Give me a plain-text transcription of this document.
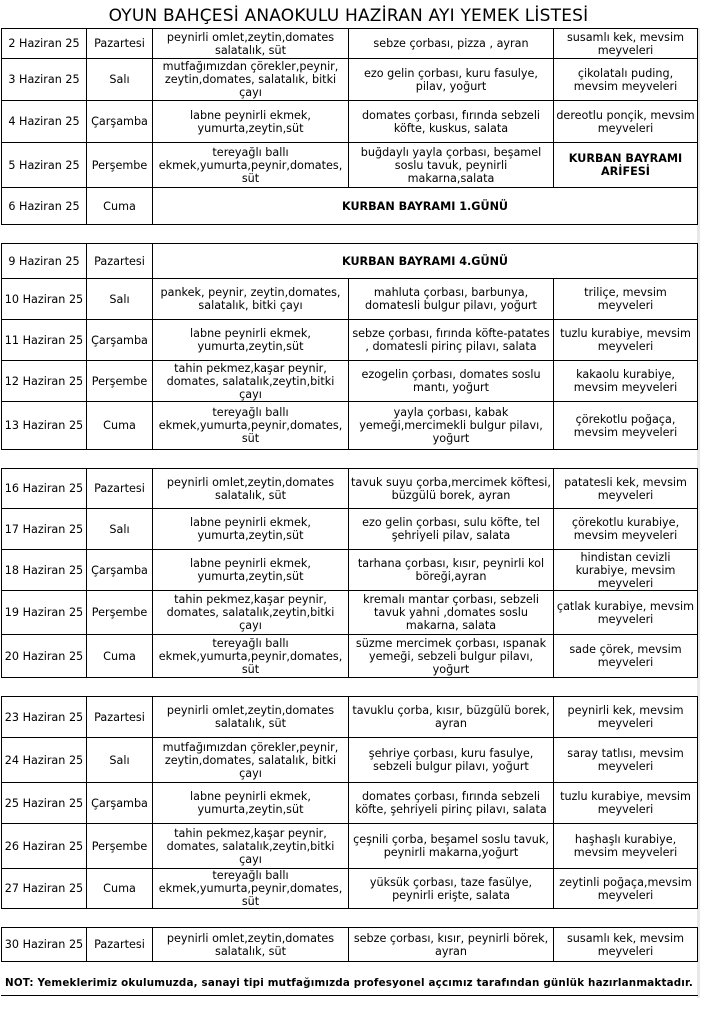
OYUN BAHÇESİ ANAOKULU HAZİRAN AYI YEMEK LİSTESİ
2 Haziran 25	Pazartesi	peynirli omlet,zeytin,domates salatalık, süt	sebze çorbası, pizza , ayran	susamlı kek, mevsim meyveleri
3 Haziran 25	Salı	mutfağımızdan çörekler,peynir, zeytin,domates, salatalık, bitki çayı	ezo gelin çorbası, kuru fasulye, pilav, yoğurt	çikolatalı puding, mevsim meyveleri
4 Haziran 25	Çarşamba	labne peynirli ekmek, yumurta,zeytin,süt	domates çorbası, fırında sebzeli köfte, kuskus, salata	dereotlu ponçik, mevsim meyveleri
5 Haziran 25	Perşembe	tereyağlı ballı ekmek,yumurta,peynir,domates, süt	buğdaylı yayla çorbası, beşamel soslu tavuk, peynirli makarna,salata	KURBAN BAYRAMI ARİFESİ
6 Haziran 25	Cuma	KURBAN BAYRAMI 1.GÜNÜ		

9 Haziran 25	Pazartesi	KURBAN BAYRAMI 4.GÜNÜ		
10 Haziran 25	Salı	pankek, peynir, zeytin,domates, salatalık, bitki çayı	mahluta çorbası, barbunya, domatesli bulgur pilavı, yoğurt	triliçe, mevsim meyveleri
11 Haziran 25	Çarşamba	labne peynirli ekmek, yumurta,zeytin,süt	sebze çorbası, fırında köfte-patates , domatesli pirinç pilavı, salata	tuzlu kurabiye, mevsim meyveleri
12 Haziran 25	Perşembe	tahin pekmez,kaşar peynir, domates, salatalık,zeytin,bitki çayı	ezogelin çorbası, domates soslu mantı, yoğurt	kakaolu kurabiye, mevsim meyveleri
13 Haziran 25	Cuma	tereyağlı ballı ekmek,yumurta,peynir,domates, süt	yayla çorbası, kabak yemeği,mercimekli bulgur pilavı, yoğurt	çörekotlu poğaça, mevsim meyveleri

16 Haziran 25	Pazartesi	peynirli omlet,zeytin,domates salatalık, süt	tavuk suyu çorba,mercimek köftesi, büzgülü borek, ayran	patatesli kek, mevsim meyveleri
17 Haziran 25	Salı	labne peynirli ekmek, yumurta,zeytin,süt	ezo gelin çorbası, sulu köfte, tel şehriyeli pilav, salata	çörekotlu kurabiye, mevsim meyveleri
18 Haziran 25	Çarşamba	labne peynirli ekmek, yumurta,zeytin,süt	tarhana çorbası, kısır, peynirli kol böreği,ayran	hindistan cevizli kurabiye, mevsim meyveleri
19 Haziran 25	Perşembe	tahin pekmez,kaşar peynir, domates, salatalık,zeytin,bitki çayı	kremalı mantar çorbası, sebzeli tavuk yahni ,domates soslu makarna, salata	çatlak kurabiye, mevsim meyveleri
20 Haziran 25	Cuma	tereyağlı ballı ekmek,yumurta,peynir,domates, süt	süzme mercimek çorbası, ıspanak yemeği, sebzeli bulgur pilavı, yoğurt	sade çörek, mevsim meyveleri

23 Haziran 25	Pazartesi	peynirli omlet,zeytin,domates salatalık, süt	tavuklu çorba, kısır, büzgülü borek, ayran	peynirli kek, mevsim meyveleri
24 Haziran 25	Salı	mutfağımızdan çörekler,peynir, zeytin,domates, salatalık, bitki çayı	şehriye çorbası, kuru fasulye, sebzeli bulgur pilavı, yoğurt	saray tatlısı, mevsim meyveleri
25 Haziran 25	Çarşamba	labne peynirli ekmek, yumurta,zeytin,süt	domates çorbası, fırında sebzeli köfte, şehriyeli pirinç pilavı, salata	tuzlu kurabiye, mevsim meyveleri
26 Haziran 25	Perşembe	tahin pekmez,kaşar peynir, domates, salatalık,zeytin,bitki çayı	çeşnili çorba, beşamel soslu tavuk, peynirli makarna,yoğurt	haşhaşlı kurabiye, mevsim meyveleri
27 Haziran 25	Cuma	tereyağlı ballı ekmek,yumurta,peynir,domates, süt	yüksük çorbası, taze fasülye, peynirli erişte, salata	zeytinli poğaça,mevsim meyveleri

30 Haziran 25	Pazartesi	peynirli omlet,zeytin,domates salatalık, süt	sebze çorbası, kısır, peynirli börek, ayran	susamlı kek, mevsim meyveleri
NOT: Yemeklerimiz okulumuzda, sanayi tipi mutfağımızda profesyonel açcımız tarafından günlük hazırlanmaktadır.
